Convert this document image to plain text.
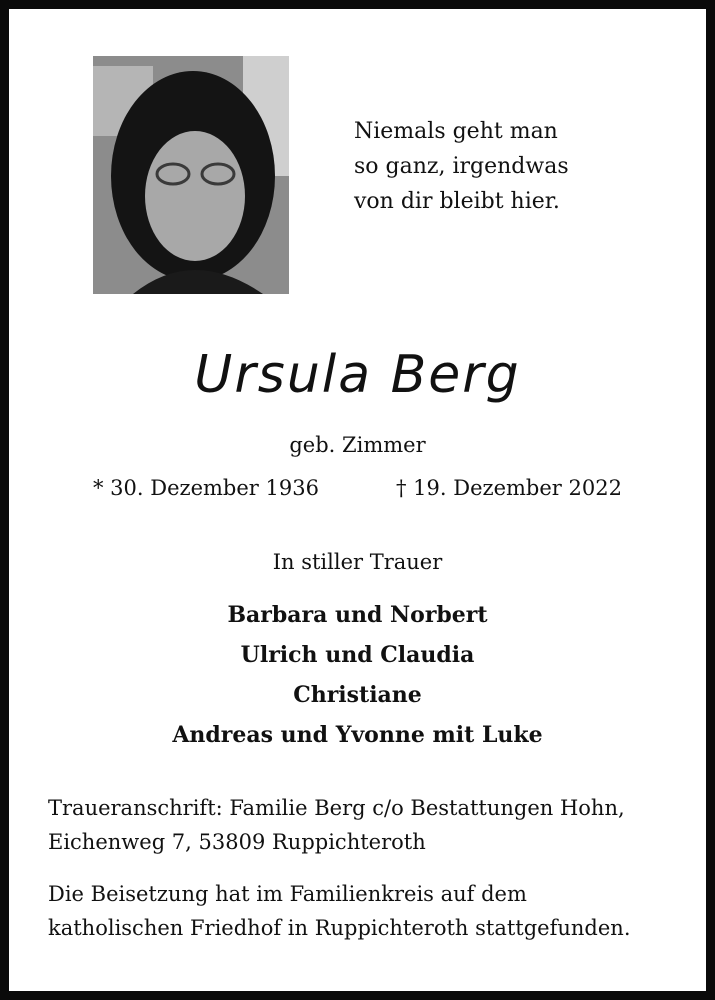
Niemals geht man
so ganz, irgendwas
von dir bleibt hier.
Ursula Berg
geb. Zimmer
* 30. Dezember 1936	† 19. Dezember 2022
In stiller Trauer
Barbara und Norbert
Ulrich und Claudia
Christiane
Andreas und Yvonne mit Luke
Traueranschrift: Familie Berg c/o Bestattungen Hohn,
Eichenweg 7, 53809 Ruppichteroth
Die Beisetzung hat im Familienkreis auf dem
katholischen Friedhof in Ruppichteroth stattgefunden.
